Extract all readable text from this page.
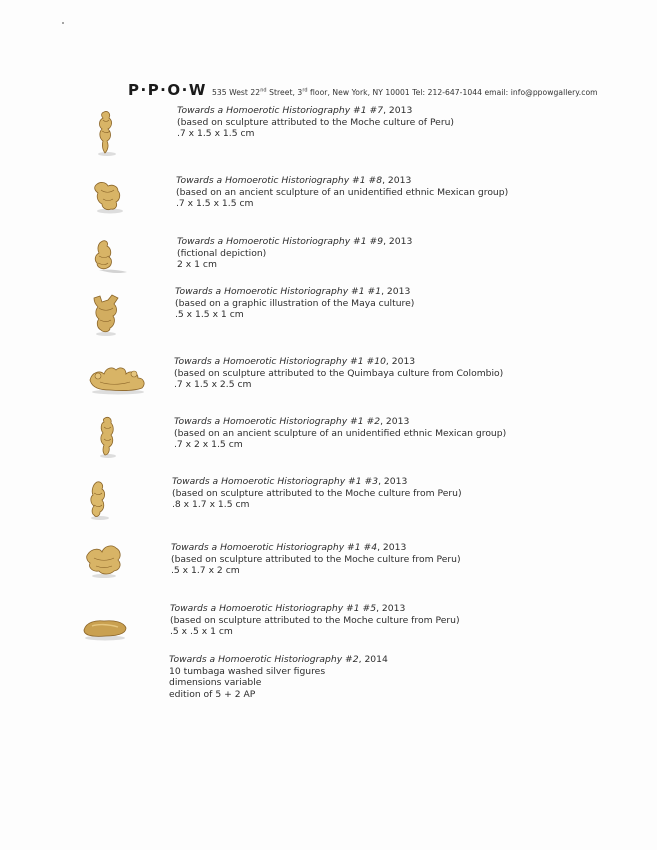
P·P·O·W 535 West 22nd Street, 3rd floor, New York, NY 10001 Tel: 212-647-1044 email: info@ppowgallery.com
Towards a Homoerotic Historiography #1 #7, 2013
(based on sculpture attributed to the Moche culture of Peru)
.7 x 1.5 x 1.5 cm
Towards a Homoerotic Historiography #1 #8, 2013
(based on an ancient sculpture of an unidentified ethnic Mexican group)
.7 x 1.5 x 1.5 cm
Towards a Homoerotic Historiography #1 #9, 2013
(fictional depiction)
2 x 1 cm
Towards a Homoerotic Historiography #1 #1, 2013
(based on a graphic illustration of the Maya culture)
.5 x 1.5 x 1 cm
Towards a Homoerotic Historiography #1 #10, 2013
(based on sculpture attributed to the Quimbaya culture from Colombio)
.7 x 1.5 x 2.5 cm
Towards a Homoerotic Historiography #1 #2, 2013
(based on an ancient sculpture of an unidentified ethnic Mexican group)
.7 x 2 x 1.5 cm
Towards a Homoerotic Historiography #1 #3, 2013
(based on sculpture attributed to the Moche culture from Peru)
.8 x 1.7 x 1.5 cm
Towards a Homoerotic Historiography #1 #4, 2013
(based on sculpture attributed to the Moche culture from Peru)
.5 x 1.7 x 2 cm
Towards a Homoerotic Historiography #1 #5, 2013
(based on sculpture attributed to the Moche culture from Peru)
.5 x .5 x 1 cm
Towards a Homoerotic Historiography #2, 2014
10 tumbaga washed silver figures
dimensions variable
edition of 5 + 2 AP
